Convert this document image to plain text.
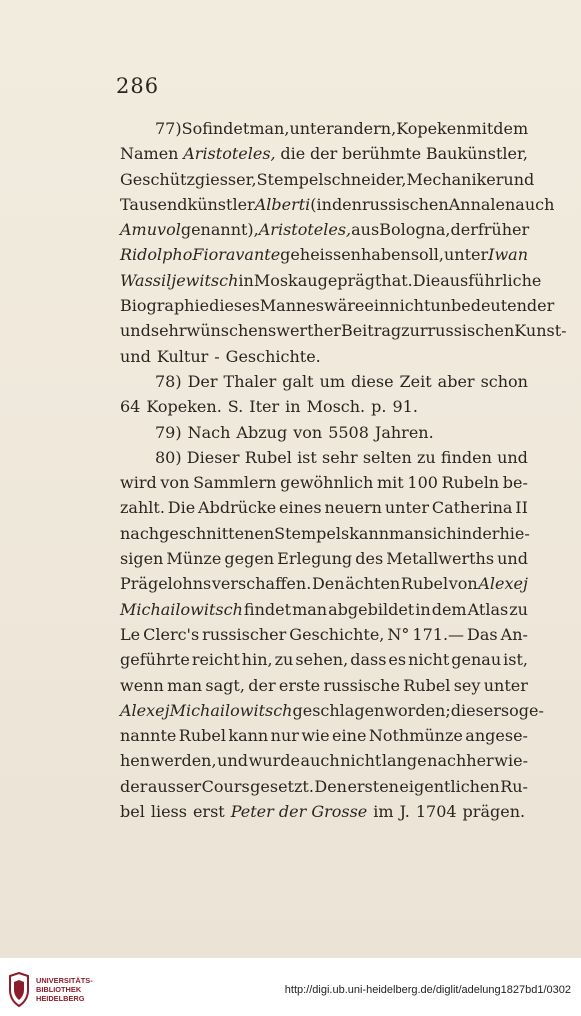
286

77) So findet man, unter andern, Kopeken mit dem
Namen Aristoteles, die der berühmte Baukünstler,
Geschützgiesser, Stempelschneider, Mechaniker und
Tausendkünstler Alberti (in den russischen Annalen auch
Amuvol genannt), Aristoteles, aus Bologna, der früher
Ridolpho Fioravante geheissen haben soll, unter Iwan
Wassiljewitsch in Moskau geprägt hat. Die ausführliche
Biographie dieses Mannes wäre ein nicht unbedeutender
und sehr wünschenswerther Beitrag zur russischen Kunst-
und Kultur - Geschichte.
78) Der Thaler galt um diese Zeit aber schon
64 Kopeken. S. Iter in Mosch. p. 91.
79) Nach Abzug von 5508 Jahren.
80) Dieser Rubel ist sehr selten zu finden und
wird von Sammlern gewöhnlich mit 100 Rubeln be-
zahlt. Die Abdrücke eines neuern unter Catherina II
nachgeschnittenen Stempels kann man sich in der hie-
sigen Münze gegen Erlegung des Metallwerths und
Prägelohns verschaffen. Den ächten Rubel von Alexej
Michailowitsch findet man abgebildet in dem Atlas zu
Le Clerc's russischer Geschichte, N° 171.— Das An-
geführte reicht hin, zu sehen, dass es nicht genau ist,
wenn man sagt, der erste russische Rubel sey unter
Alexej Michailowitsch geschlagen worden; dieser soge-
nannte Rubel kann nur wie eine Nothmünze angese-
hen werden, und wurde auch nicht lange nachher wie-
der ausser Cours gesetzt. Den ersten eigentlichen Ru-
bel liess erst Peter der Grosse im J. 1704 prägen.
UNIVERSITÄTS-
BIBLIOTHEK
HEIDELBERG
http://digi.ub.uni-heidelberg.de/diglit/adelung1827bd1/0302
